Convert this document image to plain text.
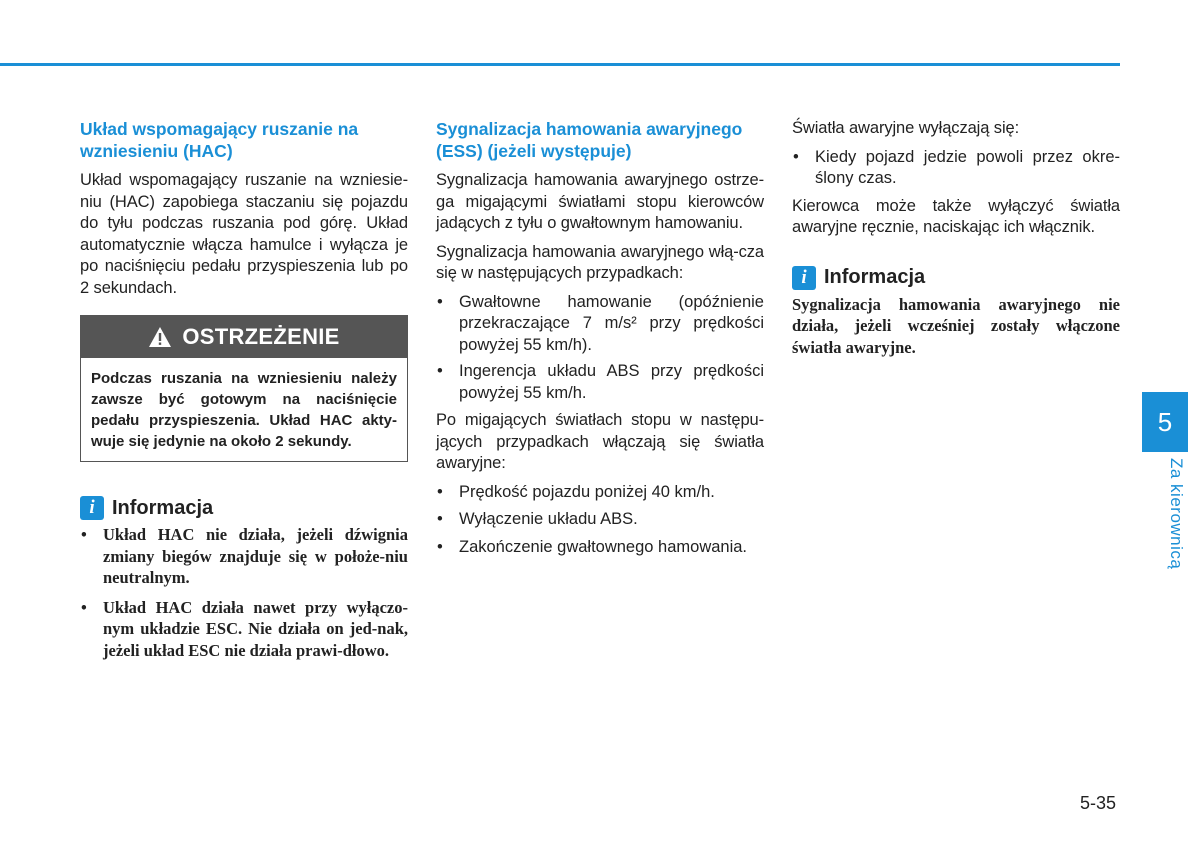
Układ wspomagający ruszanie na wzniesieniu (HAC)

Układ wspomagający ruszanie na wzniesie-niu (HAC) zapobiega staczaniu się pojazdu do tyłu podczas ruszania pod górę. Układ automatycznie włącza hamulce i wyłącza je po naciśnięciu pedału przyspieszenia lub po 2 sekundach.

OSTRZEŻENIE
Podczas ruszania na wzniesieniu należy zawsze być gotowym na naciśnięcie pedału przyspieszenia. Układ HAC akty-wuje się jedynie na około 2 sekundy.
i Informacja
• Układ HAC nie działa, jeżeli dźwignia zmiany biegów znajduje się w położe-niu neutralnym.
• Układ HAC działa nawet przy wyłączo-nym układzie ESC. Nie działa on jed-nak, jeżeli układ ESC nie działa prawi-dłowo.
Sygnalizacja hamowania awaryjnego (ESS) (jeżeli występuje)

Sygnalizacja hamowania awaryjnego ostrze-ga migającymi światłami stopu kierowców jadących z tyłu o gwałtownym hamowaniu.

Sygnalizacja hamowania awaryjnego włą-cza się w następujących przypadkach:

• Gwałtowne hamowanie (opóźnienie przekraczające 7 m/s² przy prędkości powyżej 55 km/h).
• Ingerencja układu ABS przy prędkości powyżej 55 km/h.

Po migających światłach stopu w następu-jących przypadkach włączają się światła awaryjne:

• Prędkość pojazdu poniżej 40 km/h.
• Wyłączenie układu ABS.
• Zakończenie gwałtownego hamowania.

Światła awaryjne wyłączają się:

• Kiedy pojazd jedzie powoli przez okre-ślony czas.

Kierowca może także wyłączyć światła awaryjne ręcznie, naciskając ich włącznik.

i Informacja

Sygnalizacja hamowania awaryjnego nie działa, jeżeli wcześniej zostały włączone światła awaryjne.

5
Za kierownicą
5-35
